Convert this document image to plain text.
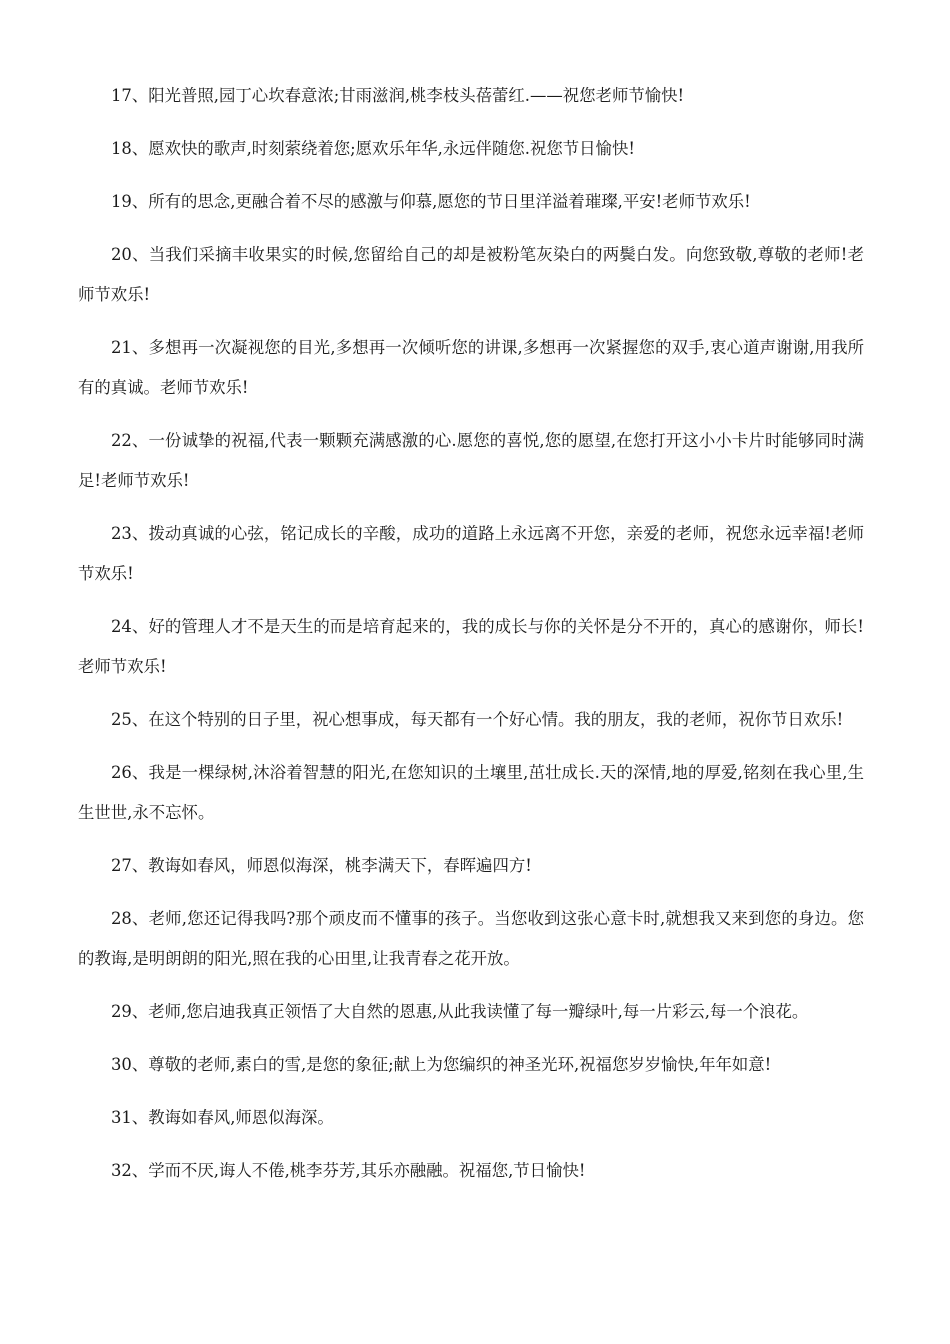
17、阳光普照,园丁心坎春意浓;甘雨滋润,桃李枝头蓓蕾红.——祝您老师节愉快!

18、愿欢快的歌声,时刻萦绕着您;愿欢乐年华,永远伴随您.祝您节日愉快!

19、所有的思念,更融合着不尽的感激与仰慕,愿您的节日里洋溢着璀璨,平安!老师节欢乐!

20、当我们采摘丰收果实的时候,您留给自己的却是被粉笔灰染白的两鬓白发。向您致敬,尊敬的老师!老师节欢乐!

21、多想再一次凝视您的目光,多想再一次倾听您的讲课,多想再一次紧握您的双手,衷心道声谢谢,用我所有的真诚。老师节欢乐!

22、一份诚挚的祝福,代表一颗颗充满感激的心.愿您的喜悦,您的愿望,在您打开这小小卡片时能够同时满足!老师节欢乐!

23、拨动真诚的心弦，铭记成长的辛酸，成功的道路上永远离不开您，亲爱的老师，祝您永远幸福!老师节欢乐!

24、好的管理人才不是天生的而是培育起来的，我的成长与你的关怀是分不开的，真心的感谢你，师长!老师节欢乐!

25、在这个特别的日子里，祝心想事成，每天都有一个好心情。我的朋友，我的老师，祝你节日欢乐!

26、我是一棵绿树,沐浴着智慧的阳光,在您知识的土壤里,茁壮成长.天的深情,地的厚爱,铭刻在我心里,生生世世,永不忘怀。

27、教诲如春风，师恩似海深，桃李满天下，春晖遍四方!

28、老师,您还记得我吗?那个顽皮而不懂事的孩子。当您收到这张心意卡时,就想我又来到您的身边。您的教诲,是明朗朗的阳光,照在我的心田里,让我青春之花开放。

29、老师,您启迪我真正领悟了大自然的恩惠,从此我读懂了每一瓣绿叶,每一片彩云,每一个浪花。

30、尊敬的老师,素白的雪,是您的象征;献上为您编织的神圣光环,祝福您岁岁愉快,年年如意!

31、教诲如春风,师恩似海深。

32、学而不厌,诲人不倦,桃李芬芳,其乐亦融融。祝福您,节日愉快!
